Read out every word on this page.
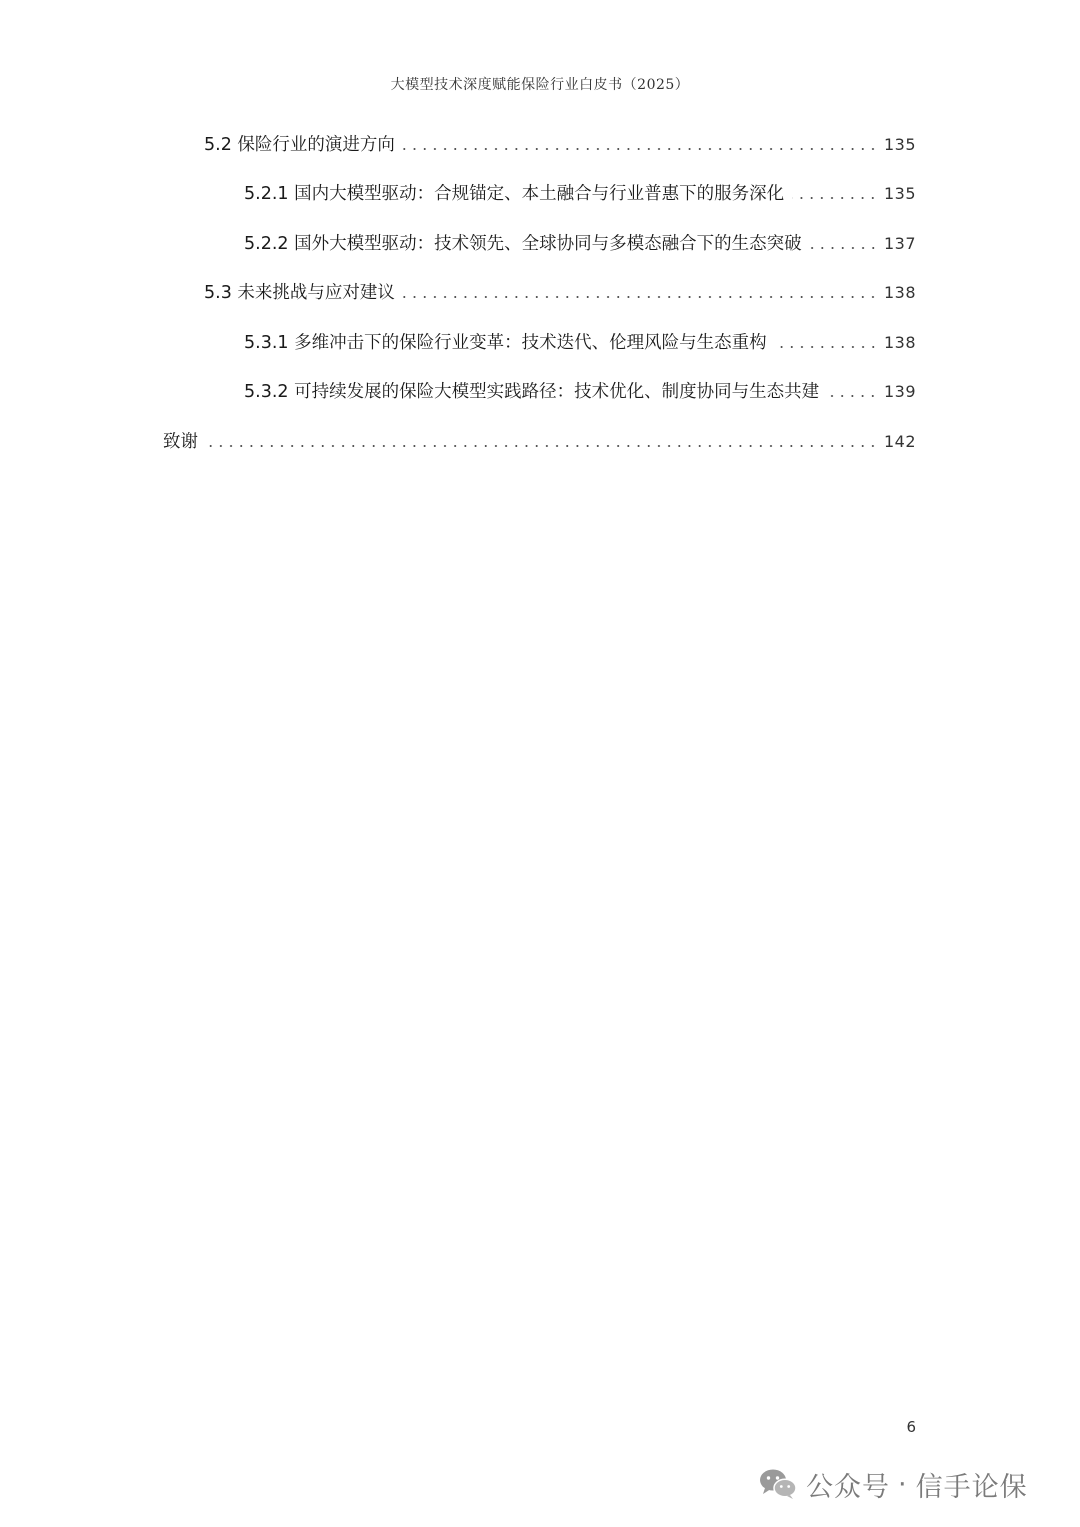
大模型技术深度赋能保险行业白皮书（2025）
5.2 保险行业的演进方向	135
5.2.1 国内大模型驱动：合规锚定、本土融合与行业普惠下的服务深化	135
5.2.2 国外大模型驱动：技术领先、全球协同与多模态融合下的生态突破	137
5.3 未来挑战与应对建议	138
5.3.1 多维冲击下的保险行业变革：技术迭代、伦理风险与生态重构	138
5.3.2 可持续发展的保险大模型实践路径：技术优化、制度协同与生态共建	139
致谢	142
6
公众号 · 信手论保
